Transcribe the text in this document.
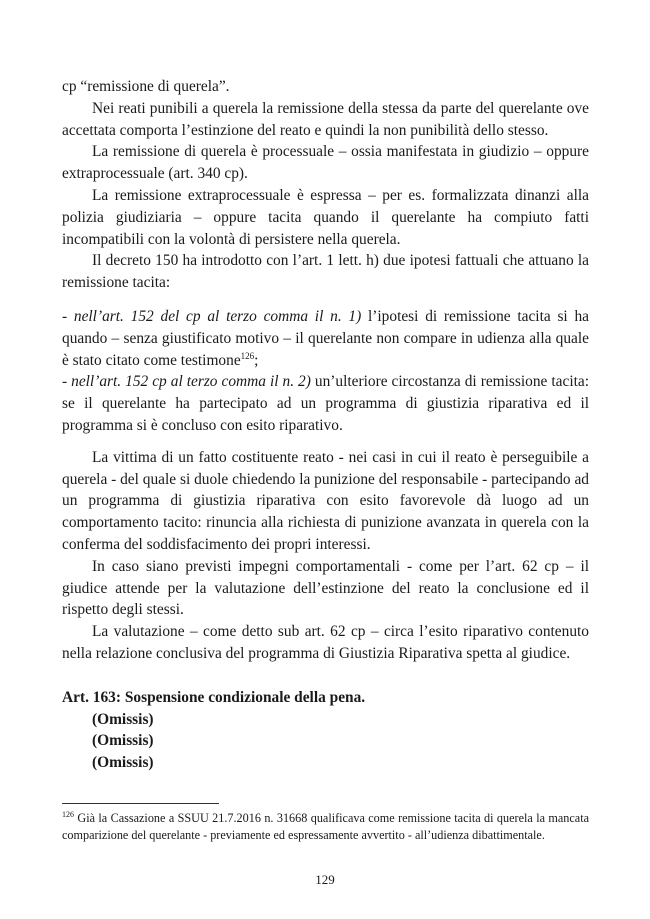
cp “remissione di querela”.

Nei reati punibili a querela la remissione della stessa da parte del querelante ove accettata comporta l’estinzione del reato e quindi la non punibilità dello stesso.

La remissione di querela è processuale – ossia manifestata in giudizio – oppure extraprocessuale (art. 340 cp).

La remissione extraprocessuale è espressa – per es. formalizzata dinanzi alla polizia giudiziaria – oppure tacita quando il querelante ha compiuto fatti incompatibili con la volontà di persistere nella querela.

Il decreto 150 ha introdotto con l’art. 1 lett. h) due ipotesi fattuali che attuano la remissione tacita:

- nell’art. 152 del cp al terzo comma il n. 1) l’ipotesi di remissione tacita si ha quando – senza giustificato motivo – il querelante non compare in udienza alla quale è stato citato come testimone$^{126}$;

- nell’art. 152 cp al terzo comma il n. 2) un’ulteriore circostanza di remissione tacita: se il querelante ha partecipato ad un programma di giustizia riparativa ed il programma si è concluso con esito riparativo.

La vittima di un fatto costituente reato - nei casi in cui il reato è perseguibile a querela - del quale si duole chiedendo la punizione del responsabile - partecipando ad un programma di giustizia riparativa con esito favorevole dà luogo ad un comportamento tacito: rinuncia alla richiesta di punizione avanzata in querela con la conferma del soddisfacimento dei propri interessi.

In caso siano previsti impegni comportamentali - come per l’art. 62 cp – il giudice attende per la valutazione dell’estinzione del reato la conclusione ed il rispetto degli stessi.

La valutazione – come detto sub art. 62 cp – circa l’esito riparativo contenuto nella relazione conclusiva del programma di Giustizia Riparativa spetta al giudice.

Art. 163: Sospensione condizionale della pena.

(Omissis)

(Omissis)

(Omissis)

$^{126}$ Già la Cassazione a SSUU 21.7.2016 n. 31668 qualificava come remissione tacita di querela la mancata comparizione del querelante - previamente ed espressamente avvertito - all’udienza dibattimentale.

129
